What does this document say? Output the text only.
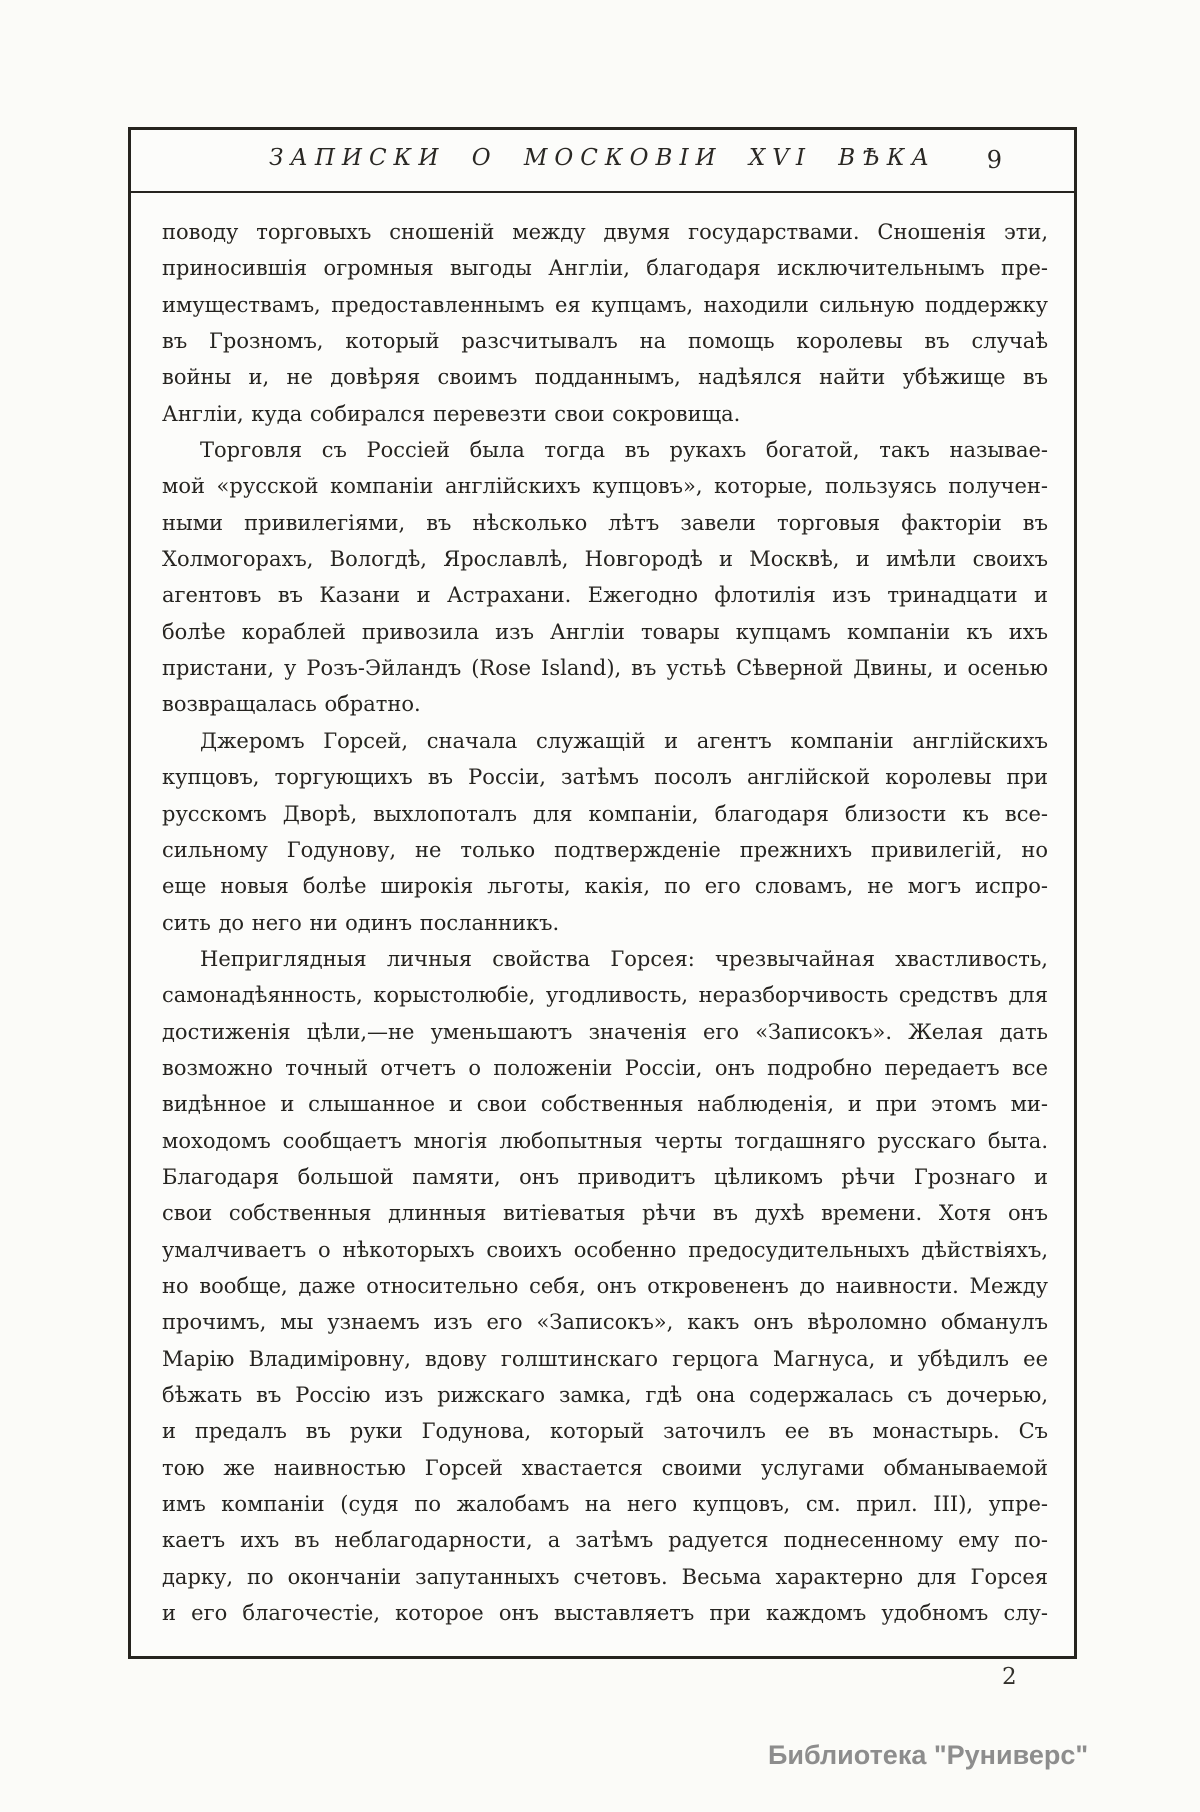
ЗАПИСКИ О МОСКОВІИ XVI ВѢКА	9
поводу торговыхъ сношеній между двумя государствами. Сношенія эти,
приносившія огромныя выгоды Англіи, благодаря исключительнымъ пре-
имуществамъ, предоставленнымъ ея купцамъ, находили сильную поддержку
въ Грозномъ, который разсчитывалъ на помощь королевы въ случаѣ
войны и, не довѣряя своимъ подданнымъ, надѣялся найти убѣжище въ
Англіи, куда собирался перевезти свои сокровища.
Торговля съ Россіей была тогда въ рукахъ богатой, такъ называе-
мой «русской компаніи англійскихъ купцовъ», которые, пользуясь получен-
ными привилегіями, въ нѣсколько лѣтъ завели торговыя факторіи въ
Холмогорахъ, Вологдѣ, Ярославлѣ, Новгородѣ и Москвѣ, и имѣли своихъ
агентовъ въ Казани и Астрахани. Ежегодно флотилія изъ тринадцати и
болѣе кораблей привозила изъ Англіи товары купцамъ компаніи къ ихъ
пристани, у Розъ-Эйландъ (Rose Island), въ устьѣ Сѣверной Двины, и осенью
возвращалась обратно.
Джеромъ Горсей, сначала служащій и агентъ компаніи англійскихъ
купцовъ, торгующихъ въ Россіи, затѣмъ посолъ англійской королевы при
русскомъ Дворѣ, выхлопоталъ для компаніи, благодаря близости къ все-
сильному Годунову, не только подтвержденіе прежнихъ привилегій, но
еще новыя болѣе широкія льготы, какія, по его словамъ, не могъ испро-
сить до него ни одинъ посланникъ.
Неприглядныя личныя свойства Горсея: чрезвычайная хвастливость,
самонадѣянность, корыстолюбіе, угодливость, неразборчивость средствъ для
достиженія цѣли,—не уменьшаютъ значенія его «Записокъ». Желая дать
возможно точный отчетъ о положеніи Россіи, онъ подробно передаетъ все
видѣнное и слышанное и свои собственныя наблюденія, и при этомъ ми-
моходомъ сообщаетъ многія любопытныя черты тогдашняго русскаго быта.
Благодаря большой памяти, онъ приводитъ цѣликомъ рѣчи Грознаго и
свои собственныя длинныя витіеватыя рѣчи въ духѣ времени. Хотя онъ
умалчиваетъ о нѣкоторыхъ своихъ особенно предосудительныхъ дѣйствіяхъ,
но вообще, даже относительно себя, онъ откровененъ до наивности. Между
прочимъ, мы узнаемъ изъ его «Записокъ», какъ онъ вѣроломно обманулъ
Марію Владиміровну, вдову голштинскаго герцога Магнуса, и убѣдилъ ее
бѣжать въ Россію изъ рижскаго замка, гдѣ она содержалась съ дочерью,
и предалъ въ руки Годунова, который заточилъ ее въ монастырь. Съ
тою же наивностью Горсей хвастается своими услугами обманываемой
имъ компаніи (судя по жалобамъ на него купцовъ, см. прил. III), упре-
каетъ ихъ въ неблагодарности, а затѣмъ радуется поднесенному ему по-
дарку, по окончаніи запутанныхъ счетовъ. Весьма характерно для Горсея
и его благочестіе, которое онъ выставляетъ при каждомъ удобномъ слу-
2
Библиотека "Руниверс"
